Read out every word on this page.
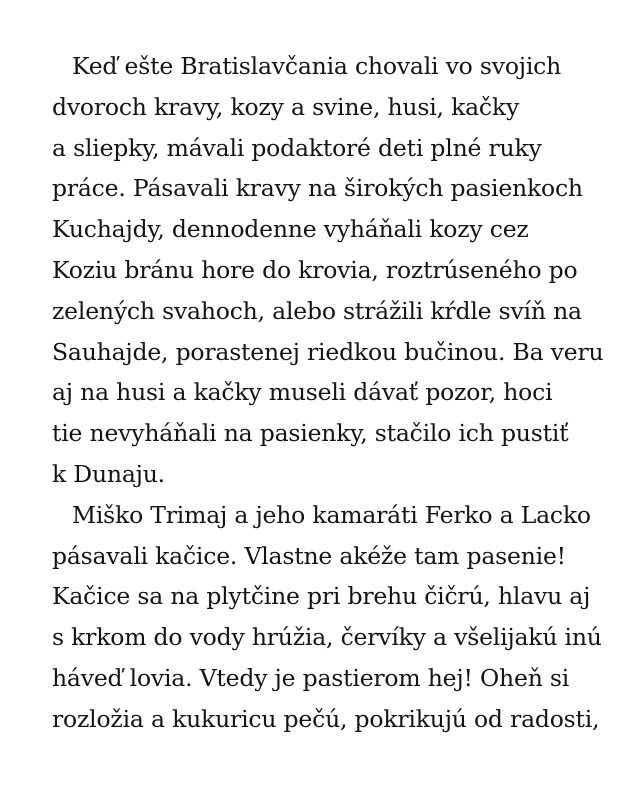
Keď ešte Bratislavčania chovali vo svojich
dvoroch kravy, kozy a svine, husi, kačky
a sliepky, mávali podaktoré deti plné ruky
práce. Pásavali kravy na širokých pasienkoch
Kuchajdy, dennodenne vyháňali kozy cez
Koziu bránu hore do krovia, roztrúseného po
zelených svahoch, alebo strážili kŕdle svíň na
Sauhajde, porastenej riedkou bučinou. Ba veru
aj na husi a kačky museli dávať pozor, hoci
tie nevyháňali na pasienky, stačilo ich pustiť
k Dunaju.
Miško Trimaj a jeho kamaráti Ferko a Lacko
pásavali kačice. Vlastne akéže tam pasenie!
Kačice sa na plytčine pri brehu čičrú, hlavu aj
s krkom do vody hrúžia, červíky a všelijakú inú
háveď lovia. Vtedy je pastierom hej! Oheň si
rozložia a kukuricu pečú, pokrikujú od radosti,
